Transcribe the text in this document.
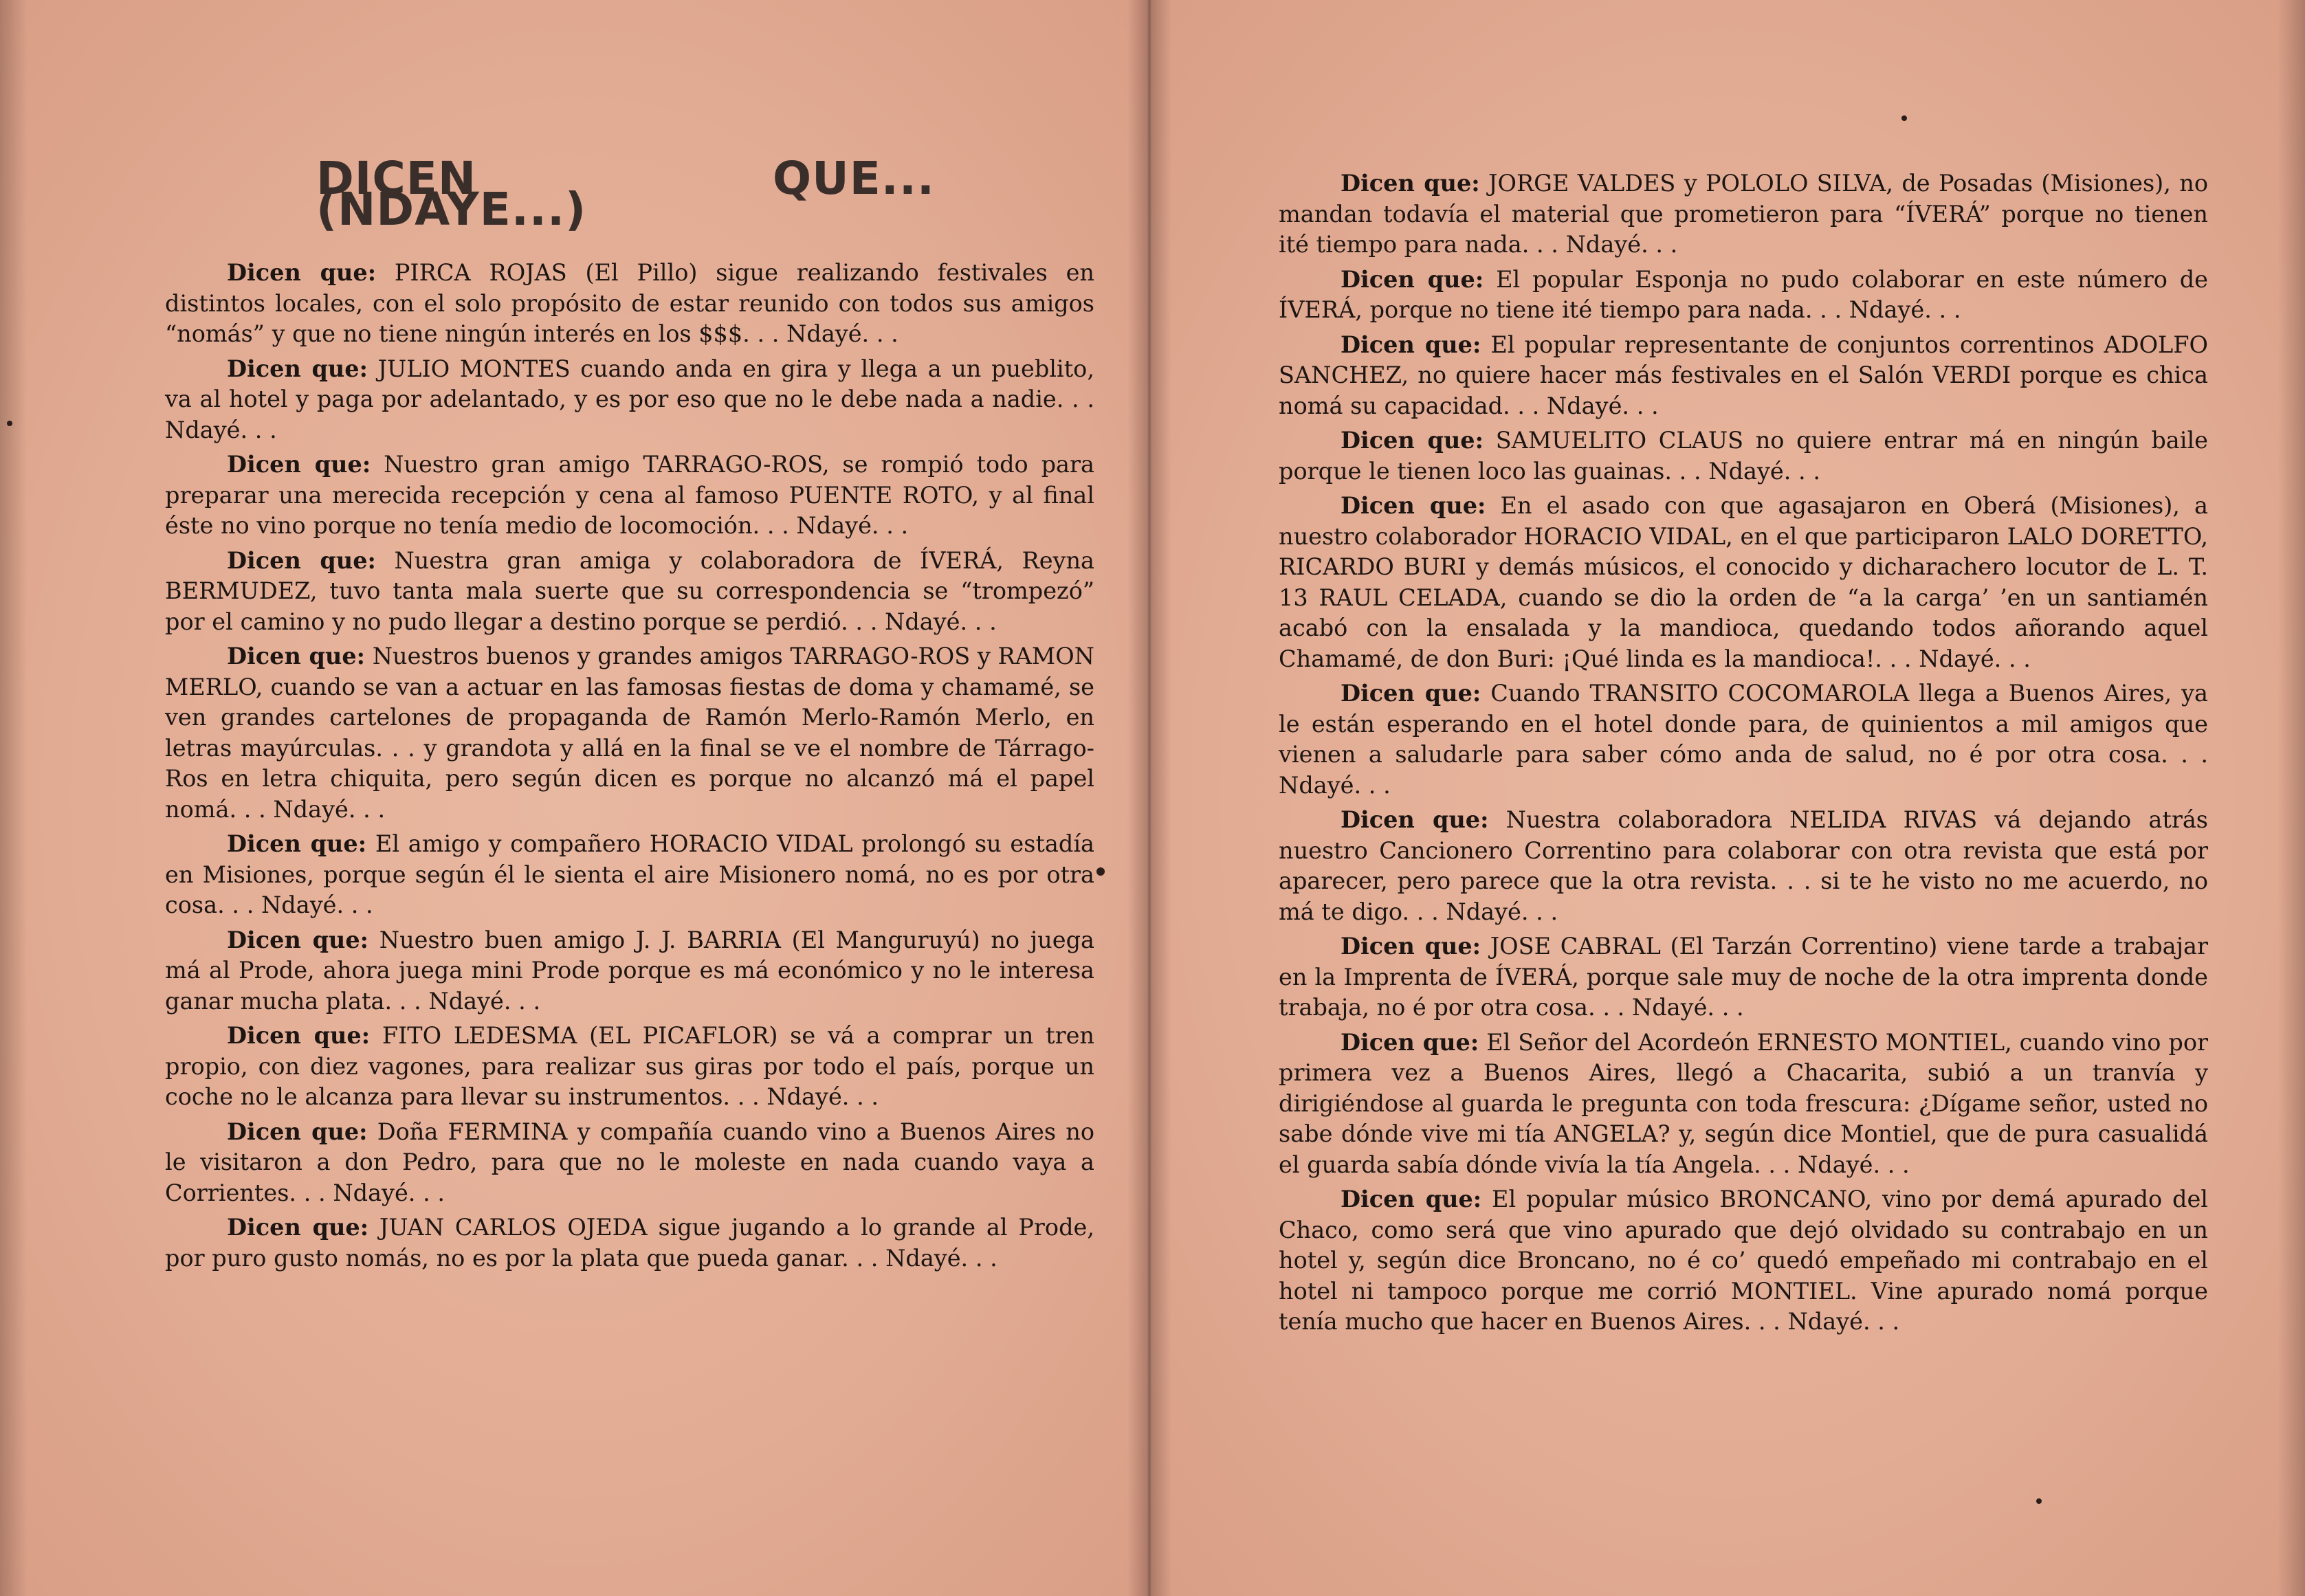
DICEN QUE... (NDAYE...)

Dicen que: PIRCA ROJAS (El Pillo) sigue realizando festivales en distintos locales, con el solo propósito de estar reunido con todos sus amigos “nomás” y que no tiene ningún interés en los $$$. . . Ndayé. . .

Dicen que: JULIO MONTES cuando anda en gira y llega a un pueblito, va al hotel y paga por adelantado, y es por eso que no le debe nada a nadie. . . Ndayé. . .

Dicen que: Nuestro gran amigo TARRAGO-ROS, se rompió todo para preparar una merecida recepción y cena al famoso PUENTE ROTO, y al final éste no vino porque no tenía medio de locomoción. . . Ndayé. . .

Dicen que: Nuestra gran amiga y colaboradora de ÍVERÁ, Reyna BERMUDEZ, tuvo tanta mala suerte que su correspondencia se “trompezó” por el camino y no pudo llegar a destino porque se perdió. . . Ndayé. . .

Dicen que: Nuestros buenos y grandes amigos TARRAGO-ROS y RAMON MERLO, cuando se van a actuar en las famosas fiestas de doma y chamamé, se ven grandes cartelones de propaganda de Ramón Merlo-Ramón Merlo, en letras mayúrculas. . . y grandota y allá en la final se ve el nombre de Tárrago-Ros en letra chiquita, pero según dicen es porque no alcanzó má el papel nomá. . . Ndayé. . .

Dicen que: El amigo y compañero HORACIO VIDAL prolongó su estadía en Misiones, porque según él le sienta el aire Misionero nomá, no es por otra cosa. . . Ndayé. . .

Dicen que: Nuestro buen amigo J. J. BARRIA (El Manguruyú) no juega má al Prode, ahora juega mini Prode porque es má económico y no le interesa ganar mucha plata. . . Ndayé. . .

Dicen que: FITO LEDESMA (EL PICAFLOR) se vá a comprar un tren propio, con diez vagones, para realizar sus giras por todo el país, porque un coche no le alcanza para llevar su instrumentos. . . Ndayé. . .

Dicen que: Doña FERMINA y compañía cuando vino a Buenos Aires no le visitaron a don Pedro, para que no le moleste en nada cuando vaya a Corrientes. . . Ndayé. . .

Dicen que: JUAN CARLOS OJEDA sigue jugando a lo grande al Prode, por puro gusto nomás, no es por la plata que pueda ganar. . . Ndayé. . .

Dicen que: JORGE VALDES y POLOLO SILVA, de Posadas (Misiones), no mandan todavía el material que prometieron para “ÍVERÁ” porque no tienen ité tiempo para nada. . . Ndayé. . .

Dicen que: El popular Esponja no pudo colaborar en este número de ÍVERÁ, porque no tiene ité tiempo para nada. . . Ndayé. . .

Dicen que: El popular representante de conjuntos correntinos ADOLFO SANCHEZ, no quiere hacer más festivales en el Salón VERDI porque es chica nomá su capacidad. . . Ndayé. . .

Dicen que: SAMUELITO CLAUS no quiere entrar má en ningún baile porque le tienen loco las guainas. . . Ndayé. . .

Dicen que: En el asado con que agasajaron en Oberá (Misiones), a nuestro colaborador HORACIO VIDAL, en el que participaron LALO DORETTO, RICARDO BURI y demás músicos, el conocido y dicharachero locutor de L. T. 13 RAUL CELADA, cuando se dio la orden de “a la carga’ ’en un santiamén acabó con la ensalada y la mandioca, quedando todos añorando aquel Chamamé, de don Buri: ¡Qué linda es la mandioca!. . . Ndayé. . .

Dicen que: Cuando TRANSITO COCOMAROLA llega a Buenos Aires, ya le están esperando en el hotel donde para, de quinientos a mil amigos que vienen a saludarle para saber cómo anda de salud, no é por otra cosa. . . Ndayé. . .

Dicen que: Nuestra colaboradora NELIDA RIVAS vá dejando atrás nuestro Cancionero Correntino para colaborar con otra revista que está por aparecer, pero parece que la otra revista. . . si te he visto no me acuerdo, no má te digo. . . Ndayé. . .

Dicen que: JOSE CABRAL (El Tarzán Correntino) viene tarde a trabajar en la Imprenta de ÍVERÁ, porque sale muy de noche de la otra imprenta donde trabaja, no é por otra cosa. . . Ndayé. . .

Dicen que: El Señor del Acordeón ERNESTO MONTIEL, cuando vino por primera vez a Buenos Aires, llegó a Chacarita, subió a un tranvía y dirigiéndose al guarda le pregunta con toda frescura: ¿Dígame señor, usted no sabe dónde vive mi tía ANGELA? y, según dice Montiel, que de pura casualidá el guarda sabía dónde vivía la tía Angela. . . Ndayé. . .

Dicen que: El popular músico BRONCANO, vino por demá apurado del Chaco, como será que vino apurado que dejó olvidado su contrabajo en un hotel y, según dice Broncano, no é co’ quedó empeñado mi contrabajo en el hotel ni tampoco porque me corrió MONTIEL. Vine apurado nomá porque tenía mucho que hacer en Buenos Aires. . . Ndayé. . .
